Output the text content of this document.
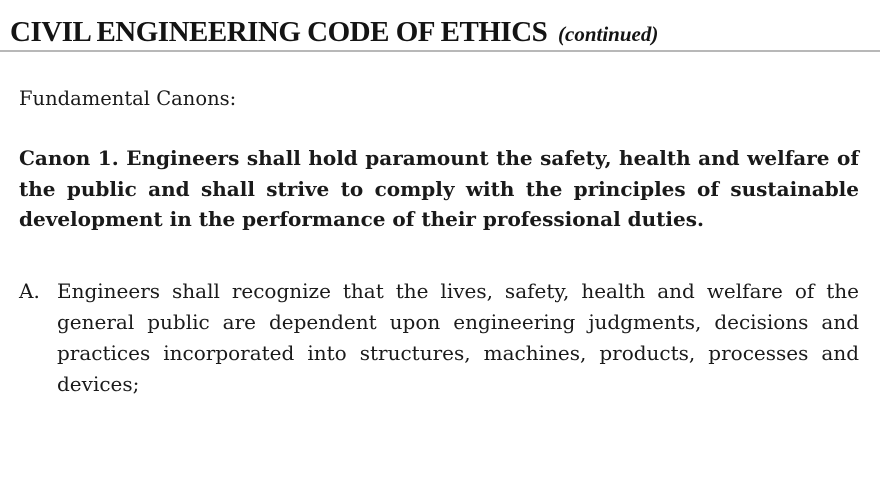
CIVIL ENGINEERING CODE OF ETHICS (continued)

Fundamental Canons:

Canon 1. Engineers shall hold paramount the safety, health and welfare of the public and shall strive to comply with the principles of sustainable development in the performance of their professional duties.

A. Engineers shall recognize that the lives, safety, health and welfare of the general public are dependent upon engineering judgments, decisions and practices incorporated into structures, machines, products, processes and devices;
